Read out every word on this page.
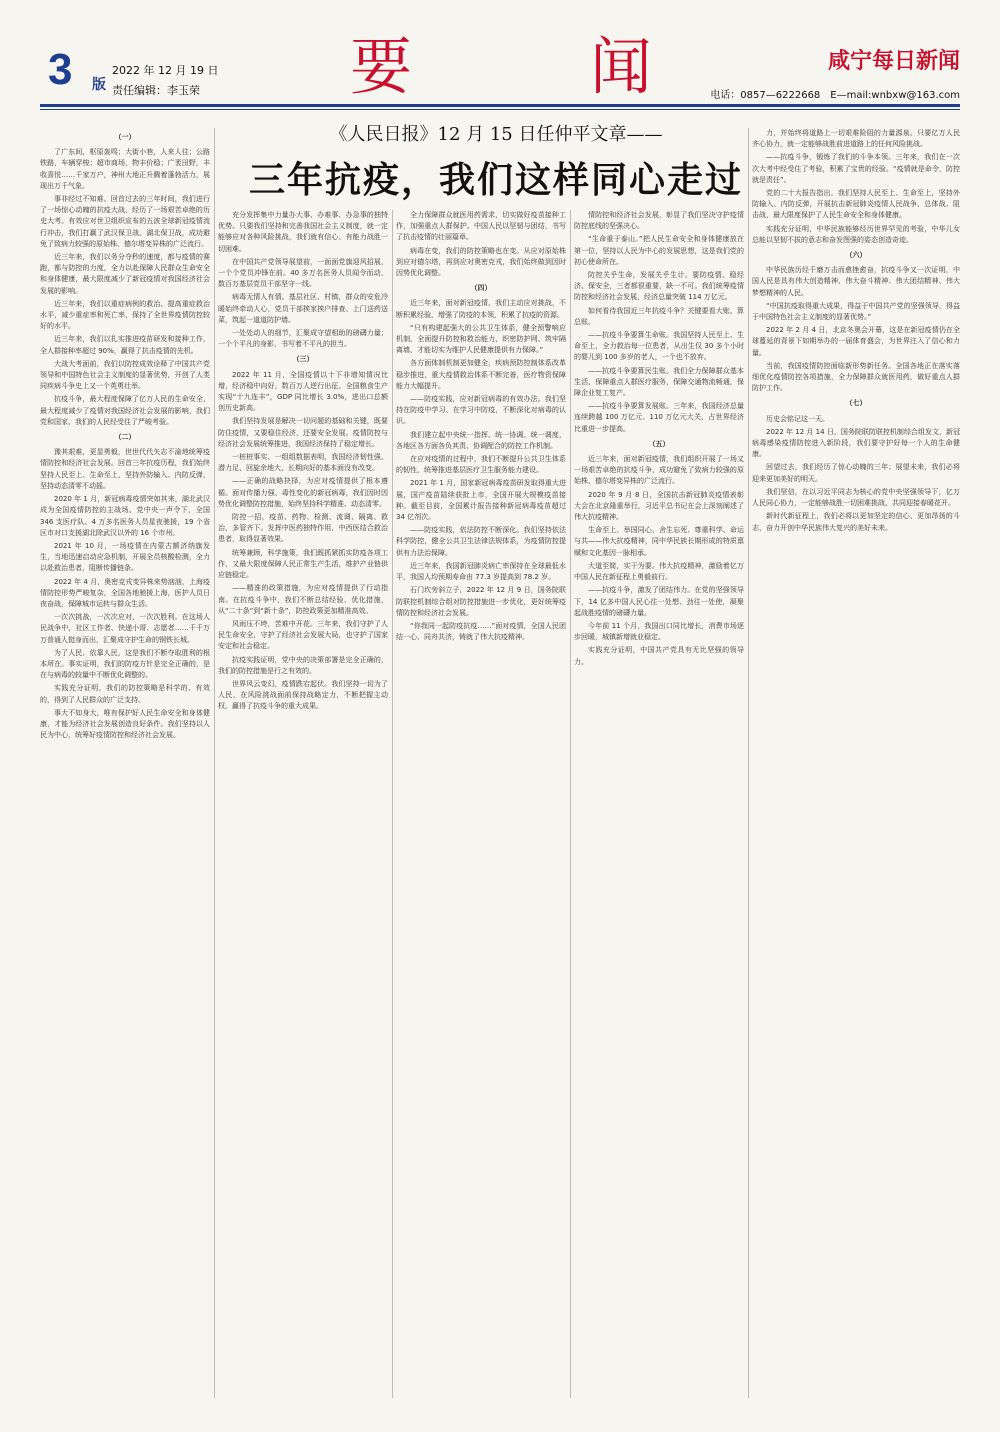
3 版
2022 年 12 月 19 日
责任编辑：李玉荣 要	闻	咸宁每日新闻
电话：0857—6222668　E—mail:wnbxw@163.com
《人民日报》12 月 15 日任仲平文章——
三年抗疫，我们这样同心走过

（一）

了广东间，枢原轰鸣；大街小巷，人来人往；公路铁路，车辆穿梭；超市商场，物丰价稳；广袤田野，丰收喜悦……千家万户，神州大地正升腾着蓬勃活力，展现出万千气象。

事非经过不知难。回首过去的三年时间，我们进行了一场惊心动魄的抗疫大战，经历了一场艰苦卓绝的历史大考。有效应对世卫组织宣布的五波全球新冠疫情流行冲击，我们打赢了武汉保卫战、湖北保卫战，成功避免了致病力较强的原始株、德尔塔变异株的广泛流行。

近三年来，我们以务分夺秒的速度，都与疫情的赛跑，都与防控的力度，全力以赴保障人民群众生命安全和身体健康，最大限度减少了新冠疫情对我国经济社会发展的影响。

近三年来，我们以重症病例的救治、提高重症救治水平，减少重症率和死亡率，保持了全世界疫情防控较好的水平。

近三年来，我们以扎实推进疫苗研发和接种工作，全人群接种率超过 90%，赢得了抗击疫情的先机。

大战大考面前，我们以防控成效诠释了中国共产党领导和中国特色社会主义制度的显著优势，开创了人类同疾病斗争史上又一个英勇壮举。

抗疫斗争，最大程度保障了亿万人民的生命安全，最大程度减少了疫情对我国经济社会发展的影响，我们党和国家、我们的人民经受住了严峻考验。

（二）

豫其艰难，更显勇毅，世世代代矢志不渝地统筹疫情防控和经济社会发展。回首三年抗疫历程，我们始终坚持人民至上、生命至上，坚持外防输入、内防反弹，坚持动态清零不动摇。

2020 年 1 月，新冠病毒疫情突如其来，湖北武汉成为全国疫情防控的主战场。党中央一声令下，全国 346 支医疗队、4 万多名医务人员星夜驰援，19 个省区市对口支援湖北除武汉以外的 16 个市州。

2021 年 10 月，一场疫情在内蒙古额济纳旗发生，当地迅速启动应急机制，开展全员核酸检测，全力以赴救治患者，阻断传播链条。

2022 年 4 月，奥密克戎变异株来势汹汹，上海疫情防控形势严峻复杂，全国各地驰援上海，医护人员日夜奋战，保障城市运转与群众生活。

一次次挑战，一次次应对，一次次胜利。在这场人民战争中，社区工作者、快递小哥、志愿者……千千万万普通人挺身而出，汇聚成守护生命的钢铁长城。

为了人民、依靠人民，这是我们不断夺取胜利的根本所在。事实证明，我们的防疫方针是完全正确的，是在与病毒的较量中不断优化调整的。

实践充分证明，我们的防控策略是科学的、有效的，得到了人民群众的广泛支持。

事大不如身大，唯有保护好人民生命安全和身体健康，才能为经济社会发展创造良好条件。我们坚持以人民为中心，统筹好疫情防控和经济社会发展。

充分发挥集中力量办大事、办难事、办急事的独特优势。只要我们坚持和完善我国社会主义制度，就一定能够应对各种风险挑战，我们就有信心、有能力战胜一切困难。

在中国共产党领导展望前，一面面党旗迎风招展，一个个党员冲锋在前。40 多万名医务人员闻令而动，数百万基层党员干部坚守一线。

病毒无情人有情。基层社区、村镇，群众的安危冷暖始终牵动人心，党员干部挨家挨户排查、上门送药送菜，筑起一道道防护墙。

一处处动人的细节，汇聚成守望相助的磅礴力量；一个个平凡的身影，书写着不平凡的担当。

（三）

2022 年 11 月，全国疫情以十下非增知情况比增，经济稳中向好，数百万人逆行出征。全国粮食生产实现“十九连丰”，GDP 同比增长 3.0%，进出口总额创历史新高。

我们坚持发展是解决一切问题的基础和关键，既要防住疫情，又要稳住经济，还要安全发展。疫情防控与经济社会发展统筹推进，我国经济保持了稳定增长。

一桩桩事实、一组组数据表明，我国经济韧性强、潜力足、回旋余地大，长期向好的基本面没有改变。

——正确的战略抉择，为应对疫情提供了根本遵循。面对传播力强、毒性变化的新冠病毒，我们因时因势优化调整防控措施，始终坚持科学精准、动态清零。

防控一招，疫苗、药物、检测、流调、隔离、救治，多管齐下。发挥中医药独特作用，中西医结合救治患者，取得显著效果。

统筹兼顾，科学施策，我们既抓紧抓实防疫各项工作，又最大限度保障人民正常生产生活，维护产业链供应链稳定。

——精准的政策措施，为应对疫情提供了行动指南。在抗疫斗争中，我们不断总结经验、优化措施，从“二十条”到“新十条”，防控政策更加精准高效。

风雨压不垮，苦难中开花。三年来，我们守护了人民生命安全，守护了经济社会发展大局，也守护了国家安定和社会稳定。

抗疫实践证明，党中央的决策部署是完全正确的，我们的防控措施是行之有效的。

世界风云变幻，疫情跌宕起伏。我们坚持一切为了人民，在风险挑战面前保持战略定力，不断把握主动权，赢得了抗疫斗争的重大成果。

全力保障群众就医用药需求，切实做好疫苗接种工作，加强重点人群保护。中国人民以坚韧与团结，书写了抗击疫情的壮丽篇章。

病毒在变，我们的防控策略也在变。从应对原始株到应对德尔塔，再到应对奥密克戎，我们始终做到因时因势优化调整。

（四）

近三年来，面对新冠疫情，我们主动应对挑战，不断积累经验，增强了防疫的本领，积累了抗疫的资源。

“只有构建起强大的公共卫生体系，健全预警响应机制，全面提升防控和救治能力，织密防护网、筑牢隔离墙，才能切实为维护人民健康提供有力保障。”

各方面体制机制更加健全，疾病预防控制体系改革稳步推进，重大疫情救治体系不断完善，医疗物资保障能力大幅提升。

——防疫实践，应对新冠病毒的有效办法。我们坚持在防疫中学习、在学习中防疫，不断深化对病毒的认识。

我们建立起中央统一指挥、统一协调、统一调度，各地区各方面各负其责、协调配合的防控工作机制。

在应对疫情的过程中，我们不断提升公共卫生体系的韧性，统筹推进基层医疗卫生服务能力建设。

2021 年 1 月，国家新冠病毒疫苗研发取得重大进展，国产疫苗陆续获批上市，全国开展大规模疫苗接种。截至目前，全国累计报告接种新冠病毒疫苗超过 34 亿剂次。

——防疫实践，依法防控不断深化。我们坚持依法科学防控，健全公共卫生法律法规体系，为疫情防控提供有力法治保障。

近三年来，我国新冠肺炎病亡率保持在全球最低水平，我国人均预期寿命由 77.3 岁提高到 78.2 岁。

石门坎旁斜立子，2022 年 12 月 9 日，国务院联防联控机制综合组对防控措施进一步优化，更好统筹疫情防控和经济社会发展。

“你我同一起防疫抗疫……”面对疫情，全国人民团结一心、同舟共济，铸就了伟大抗疫精神。

情防控和经济社会发展，彰显了我们坚决守护疫情防控底线的坚强决心。

“生命重于泰山。”把人民生命安全和身体健康放在第一位，坚持以人民为中心的发展思想，这是我们党的初心使命所在。

防控关乎生命，发展关乎生计。要防疫情、稳经济、保安全，三者都很重要，缺一不可。我们统筹疫情防控和经济社会发展，经济总量突破 114 万亿元。

如何看待我国近三年抗疫斗争？关键要看大账、算总账。

——抗疫斗争要算生命账。我国坚持人民至上、生命至上，全力救治每一位患者，从出生仅 30 多个小时的婴儿到 100 多岁的老人，一个也不放弃。

——抗疫斗争要算民生账。我们全力保障群众基本生活，保障重点人群医疗服务，保障交通物流畅通，保障企业复工复产。

——抗疫斗争要算发展账。三年来，我国经济总量连续跨越 100 万亿元、110 万亿元大关，占世界经济比重进一步提高。

（五）

近三年来，面对新冠疫情，我们组织开展了一场又一场艰苦卓绝的抗疫斗争，成功避免了致病力较强的原始株、德尔塔变异株的广泛流行。

2020 年 9 月 8 日，全国抗击新冠肺炎疫情表彰大会在北京隆重举行，习近平总书记在会上深刻阐述了伟大抗疫精神。

生命至上、举国同心、舍生忘死、尊重科学、命运与共——伟大抗疫精神，同中华民族长期形成的特质禀赋和文化基因一脉相承。

大道至简，实干为要。伟大抗疫精神，激励着亿万中国人民在新征程上勇毅前行。

——抗疫斗争，激发了团结伟力。在党的坚强领导下，14 亿多中国人民心往一处想、劲往一处使，凝聚起战胜疫情的磅礴力量。

今年前 11 个月，我国出口同比增长，消费市场逐步回暖，城镇新增就业稳定。

实践充分证明，中国共产党具有无比坚强的领导力。

力，并始终将道路上一切艰难险阻的力量源泉。只要亿万人民齐心协力，就一定能够战胜前进道路上的任何风险挑战。

——抗疫斗争，锻炼了我们的斗争本领。三年来，我们在一次次大考中经受住了考验，积累了宝贵的经验。“疫情就是命令，防控就是责任”。

党的二十大报告指出，我们坚持人民至上、生命至上，坚持外防输入、内防反弹，开展抗击新冠肺炎疫情人民战争、总体战、阻击战，最大限度保护了人民生命安全和身体健康。

实践充分证明，中华民族能够经历世界罕见的考验，中华儿女总能以坚韧不拔的意志和奋发图强的姿态创造奇迹。

（六）

中华民族历经千磨万击而愈挫愈奋，抗疫斗争又一次证明，中国人民是具有伟大创造精神、伟大奋斗精神、伟大团结精神、伟大梦想精神的人民。

“中国抗疫取得重大成果，得益于中国共产党的坚强领导，得益于中国特色社会主义制度的显著优势。”

2022 年 2 月 4 日，北京冬奥会开幕，这是在新冠疫情仍在全球蔓延的背景下如期举办的一届体育盛会，为世界注入了信心和力量。

当前，我国疫情防控面临新形势新任务。全国各地正在落实落细优化疫情防控各项措施，全力保障群众就医用药，做好重点人群防护工作。

（七）

历史会铭记这一天。

2022 年 12 月 14 日，国务院联防联控机制综合组发文，新冠病毒感染疫情防控进入新阶段，我们要守护好每一个人的生命健康。

回望过去，我们经历了惊心动魄的三年；展望未来，我们必将迎来更加美好的明天。

我们坚信，在以习近平同志为核心的党中央坚强领导下，亿万人民同心协力，一定能够战胜一切困难挑战，共同迎接春暖花开。

新时代新征程上，我们必将以更加坚定的信心、更加昂扬的斗志，奋力开创中华民族伟大复兴的美好未来。
